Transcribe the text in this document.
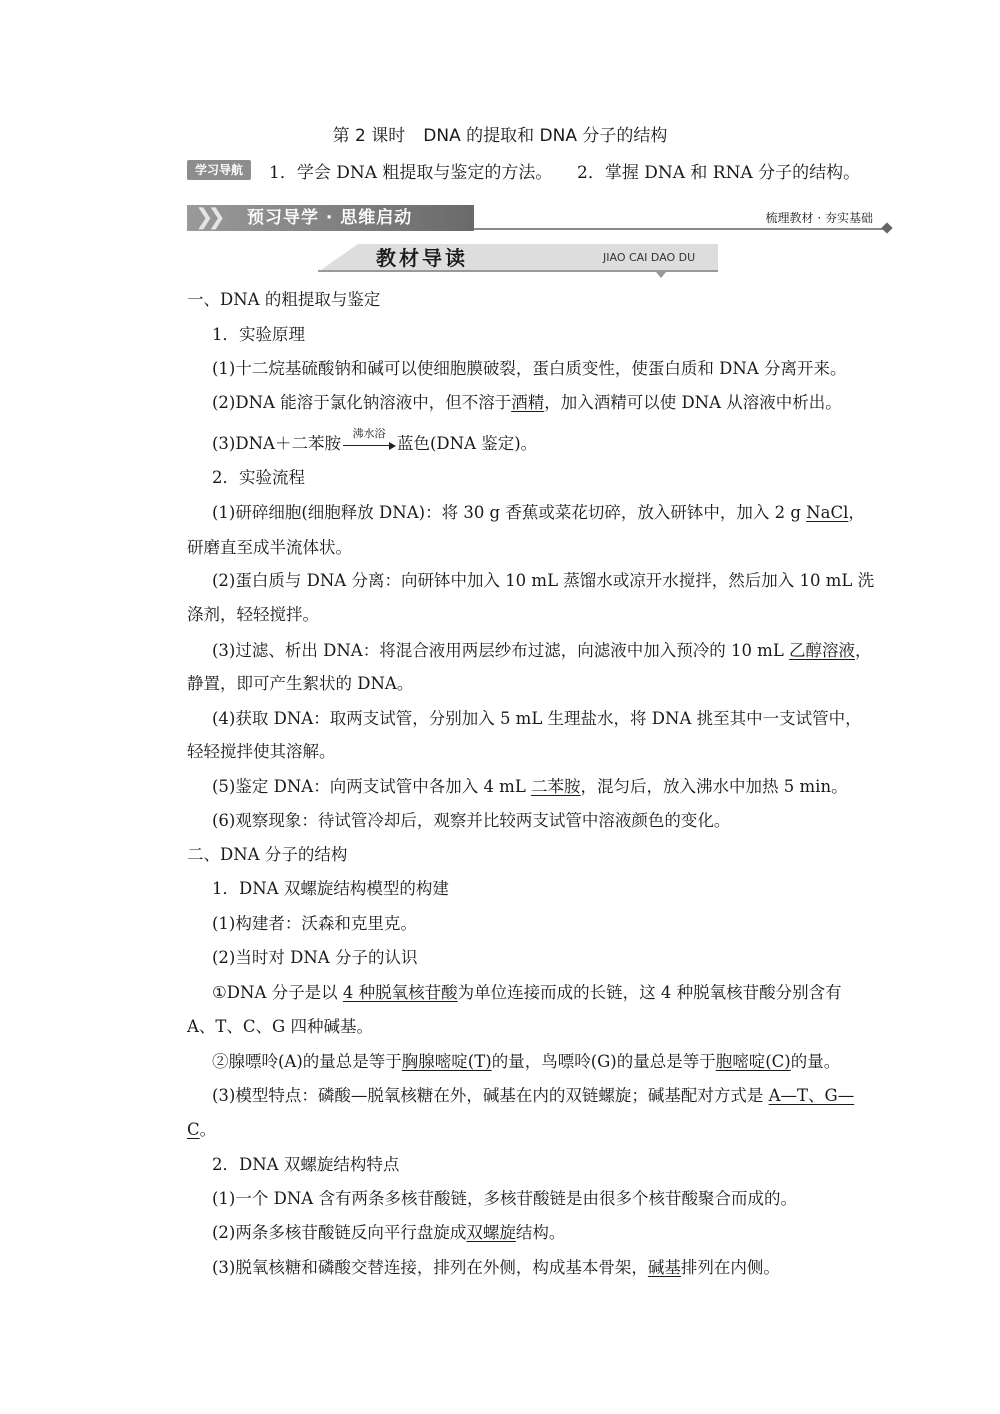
第 2 课时 DNA 的提取和 DNA 分子的结构
学习导航	1．学会 DNA 粗提取与鉴定的方法。 2．掌握 DNA 和 RNA 分子的结构。
❯❯ 预习导学 · 思维启动	梳理教材 · 夯实基础
教材导读	JIAO CAI DAO DU
一、DNA 的粗提取与鉴定
1．实验原理
(1)十二烷基硫酸钠和碱可以使细胞膜破裂，蛋白质变性，使蛋白质和 DNA 分离开来。
(2)DNA 能溶于氯化钠溶液中，但不溶于酒精，加入酒精可以使 DNA 从溶液中析出。
(3)DNA＋二苯胺
沸水浴
蓝色(DNA 鉴定)。
2．实验流程
(1)研碎细胞(细胞释放 DNA)：将 30 g 香蕉或菜花切碎，放入研钵中，加入 2 g NaCl，
研磨直至成半流体状。
(2)蛋白质与 DNA 分离：向研钵中加入 10 mL 蒸馏水或凉开水搅拌，然后加入 10 mL 洗
涤剂，轻轻搅拌。
(3)过滤、析出 DNA：将混合液用两层纱布过滤，向滤液中加入预冷的 10 mL 乙醇溶液，
静置，即可产生絮状的 DNA。
(4)获取 DNA：取两支试管，分别加入 5 mL 生理盐水，将 DNA 挑至其中一支试管中，
轻轻搅拌使其溶解。
(5)鉴定 DNA：向两支试管中各加入 4 mL 二苯胺，混匀后，放入沸水中加热 5 min。
(6)观察现象：待试管冷却后，观察并比较两支试管中溶液颜色的变化。
二、DNA 分子的结构
1．DNA 双螺旋结构模型的构建
(1)构建者：沃森和克里克。
(2)当时对 DNA 分子的认识
①DNA 分子是以 4 种脱氧核苷酸为单位连接而成的长链，这 4 种脱氧核苷酸分别含有
A、T、C、G 四种碱基。
②腺嘌呤(A)的量总是等于胸腺嘧啶(T)的量，鸟嘌呤(G)的量总是等于胞嘧啶(C)的量。
(3)模型特点：磷酸—脱氧核糖在外，碱基在内的双链螺旋；碱基配对方式是 A—T、G—
C。
2．DNA 双螺旋结构特点
(1)一个 DNA 含有两条多核苷酸链，多核苷酸链是由很多个核苷酸聚合而成的。
(2)两条多核苷酸链反向平行盘旋成双螺旋结构。
(3)脱氧核糖和磷酸交替连接，排列在外侧，构成基本骨架，碱基排列在内侧。
